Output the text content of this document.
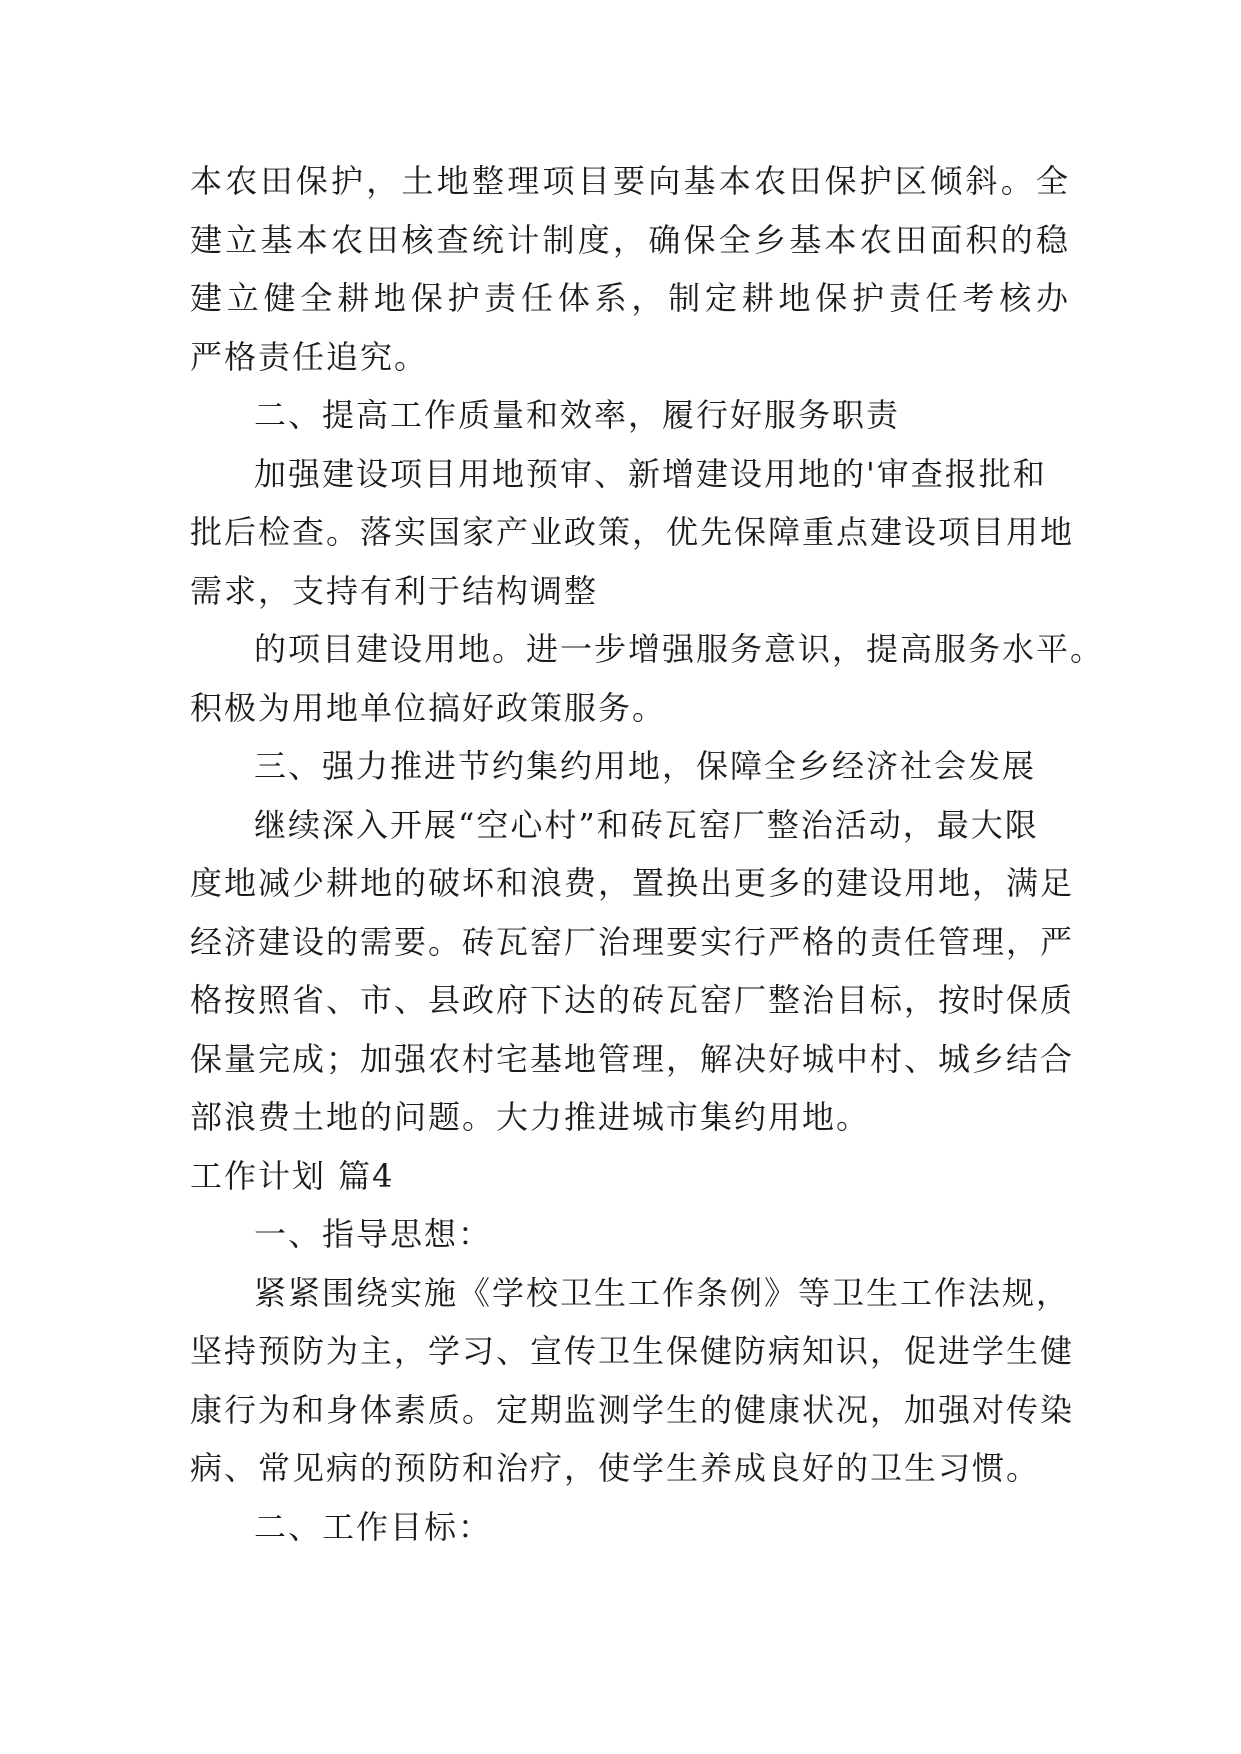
本农田保护，土地整理项目要向基本农田保护区倾斜。全
建立基本农田核查统计制度，确保全乡基本农田面积的稳
建立健全耕地保护责任体系，制定耕地保护责任考核办
严格责任追究。
二、提高工作质量和效率，履行好服务职责
加强建设项目用地预审、新增建设用地的'审查报批和
批后检查。落实国家产业政策，优先保障重点建设项目用地
需求，支持有利于结构调整
的项目建设用地。进一步增强服务意识，提高服务水平。
积极为用地单位搞好政策服务。
三、强力推进节约集约用地，保障全乡经济社会发展
继续深入开展“空心村”和砖瓦窑厂整治活动，最大限
度地减少耕地的破坏和浪费，置换出更多的建设用地，满足
经济建设的需要。砖瓦窑厂治理要实行严格的责任管理，严
格按照省、市、县政府下达的砖瓦窑厂整治目标，按时保质
保量完成；加强农村宅基地管理，解决好城中村、城乡结合
部浪费土地的问题。大力推进城市集约用地。
工作计划 篇4
一、指导思想：
紧紧围绕实施《学校卫生工作条例》等卫生工作法规，
坚持预防为主，学习、宣传卫生保健防病知识，促进学生健
康行为和身体素质。定期监测学生的健康状况，加强对传染
病、常见病的预防和治疗，使学生养成良好的卫生习惯。
二、工作目标：
